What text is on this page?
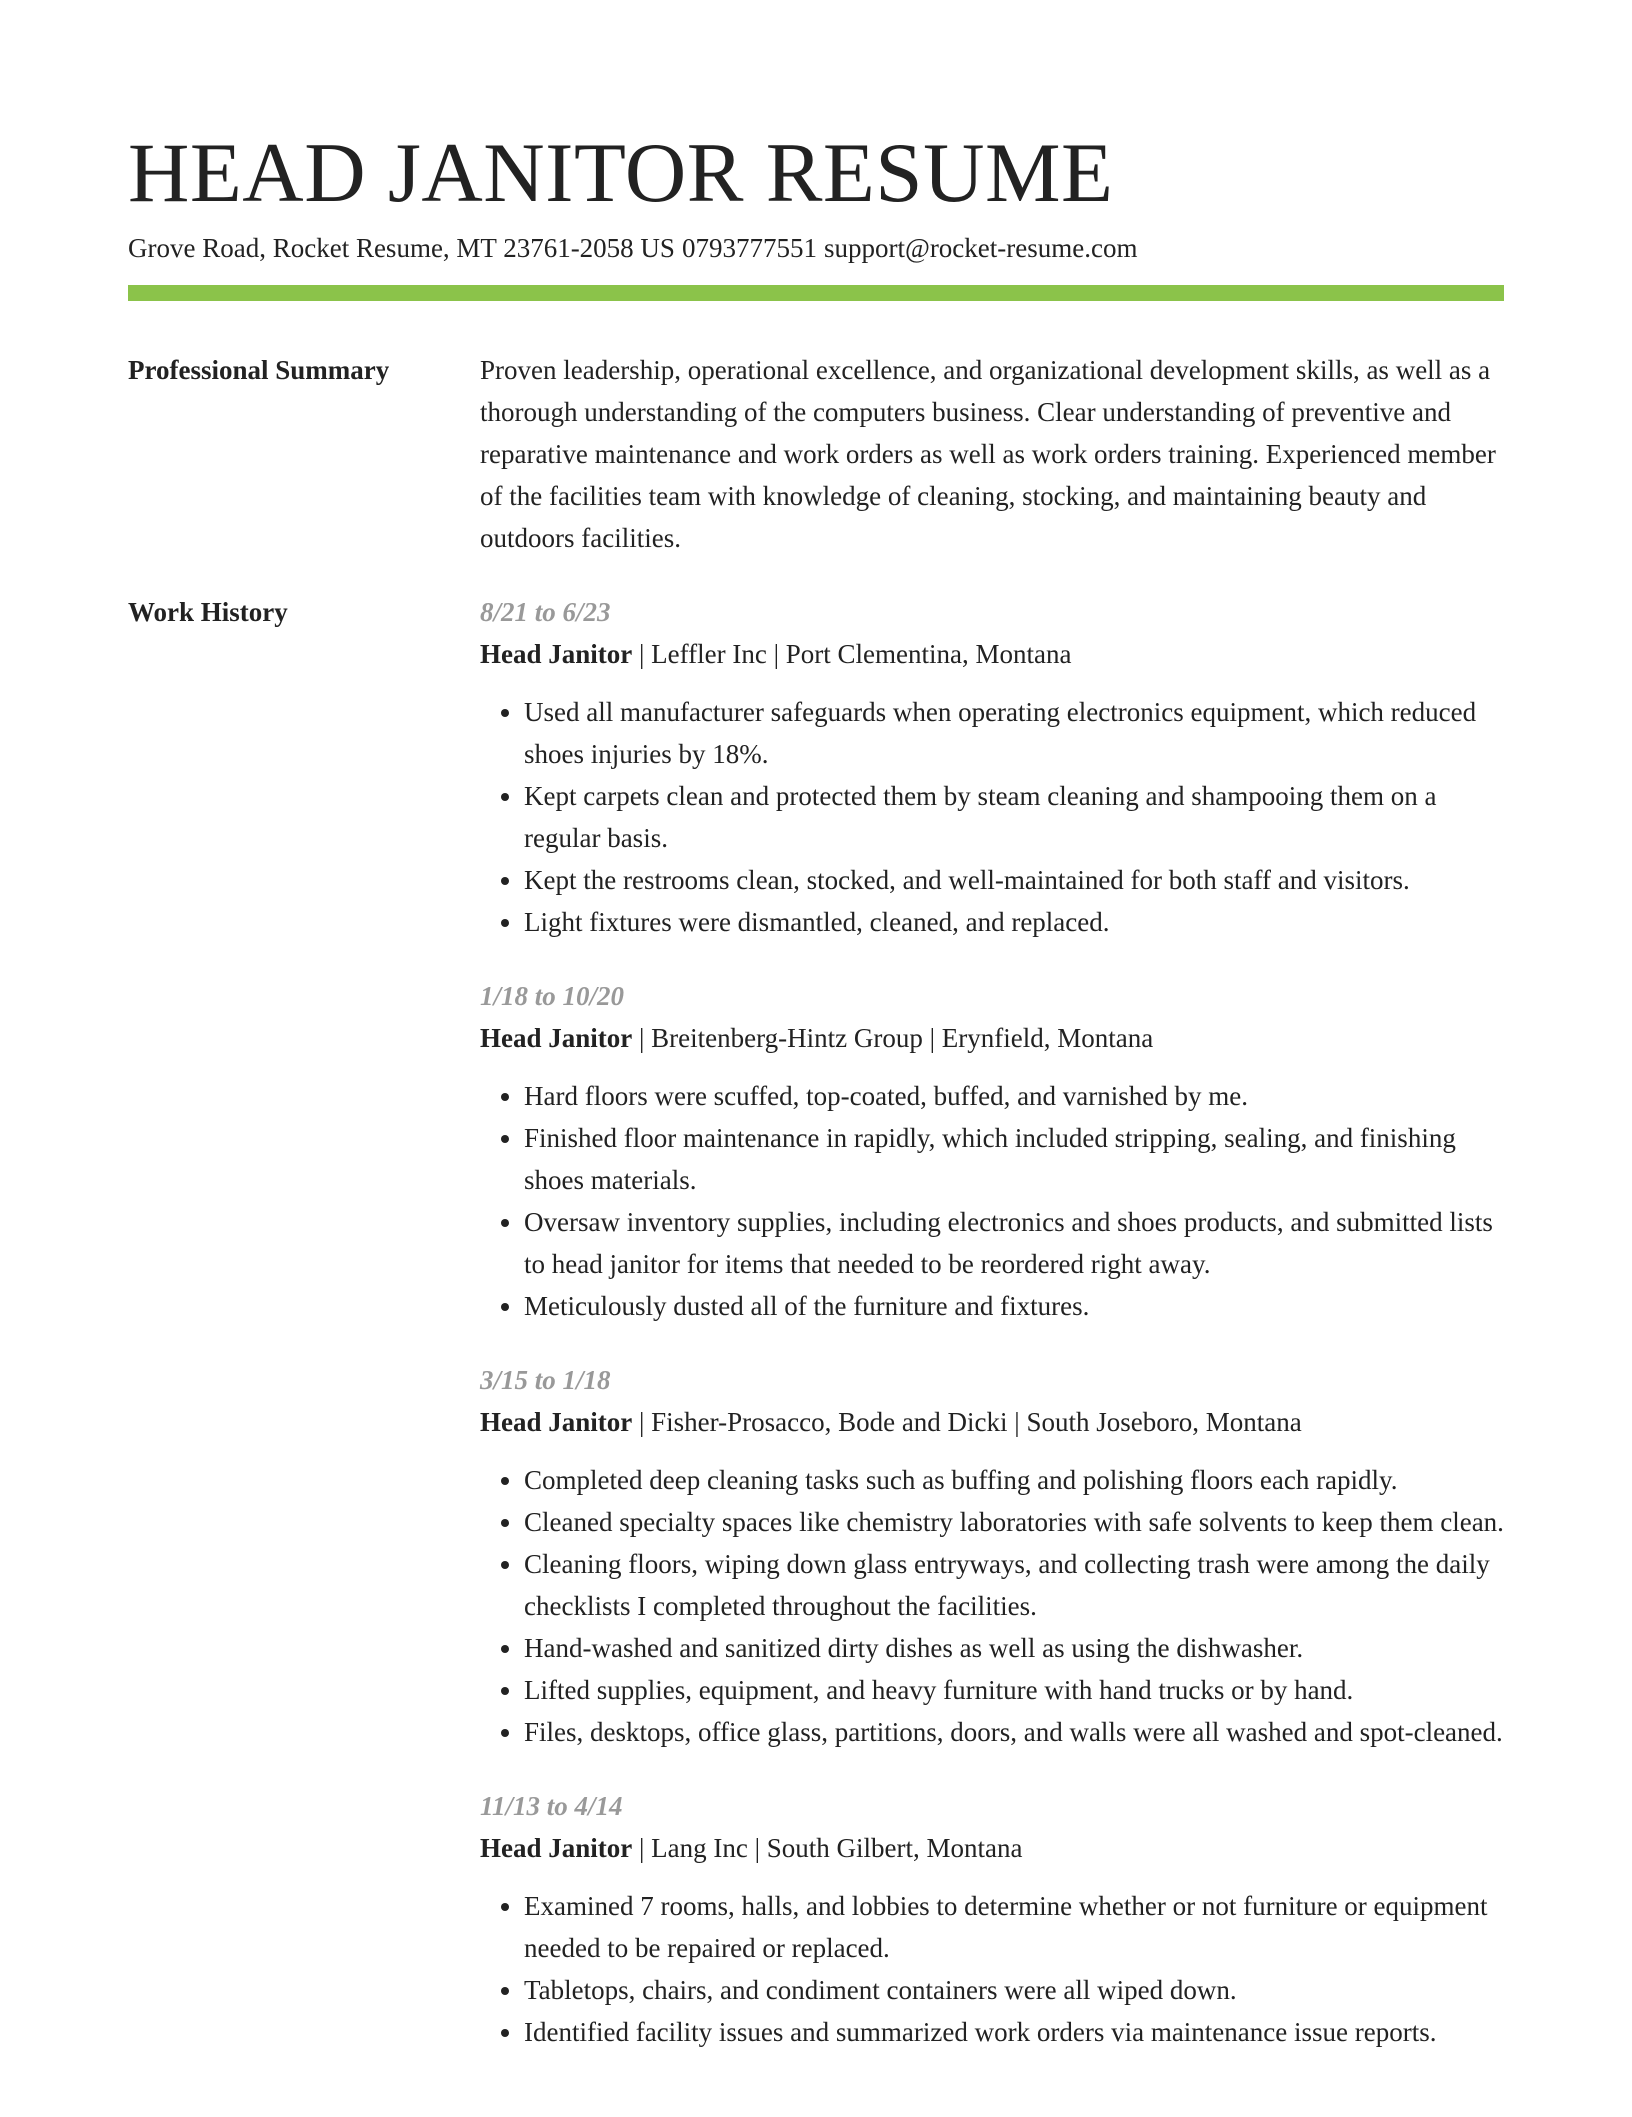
HEAD JANITOR RESUME
Grove Road, Rocket Resume, MT 23761-2058 US 0793777551 support@rocket-resume.com
Professional Summary	Proven leadership, operational excellence, and organizational development skills, as well as a thorough understanding of the computers business. Clear understanding of preventive and reparative maintenance and work orders as well as work orders training. Experienced member of the facilities team with knowledge of cleaning, stocking, and maintaining beauty and outdoors facilities.

Work History	8/21 to 6/23
Head Janitor | Leffler Inc | Port Clementina, Montana
• Used all manufacturer safeguards when operating electronics equipment, which reduced shoes injuries by 18%.
• Kept carpets clean and protected them by steam cleaning and shampooing them on a regular basis.
• Kept the restrooms clean, stocked, and well-maintained for both staff and visitors.
• Light fixtures were dismantled, cleaned, and replaced.
1/18 to 10/20
Head Janitor | Breitenberg-Hintz Group | Erynfield, Montana
• Hard floors were scuffed, top-coated, buffed, and varnished by me.
• Finished floor maintenance in rapidly, which included stripping, sealing, and finishing shoes materials.
• Oversaw inventory supplies, including electronics and shoes products, and submitted lists to head janitor for items that needed to be reordered right away.
• Meticulously dusted all of the furniture and fixtures.
3/15 to 1/18
Head Janitor | Fisher-Prosacco, Bode and Dicki | South Joseboro, Montana
• Completed deep cleaning tasks such as buffing and polishing floors each rapidly.
• Cleaned specialty spaces like chemistry laboratories with safe solvents to keep them clean.
• Cleaning floors, wiping down glass entryways, and collecting trash were among the daily checklists I completed throughout the facilities.
• Hand-washed and sanitized dirty dishes as well as using the dishwasher.
• Lifted supplies, equipment, and heavy furniture with hand trucks or by hand.
• Files, desktops, office glass, partitions, doors, and walls were all washed and spot-cleaned.
11/13 to 4/14
Head Janitor | Lang Inc | South Gilbert, Montana
• Examined 7 rooms, halls, and lobbies to determine whether or not furniture or equipment needed to be repaired or replaced.
• Tabletops, chairs, and condiment containers were all wiped down.
• Identified facility issues and summarized work orders via maintenance issue reports.
